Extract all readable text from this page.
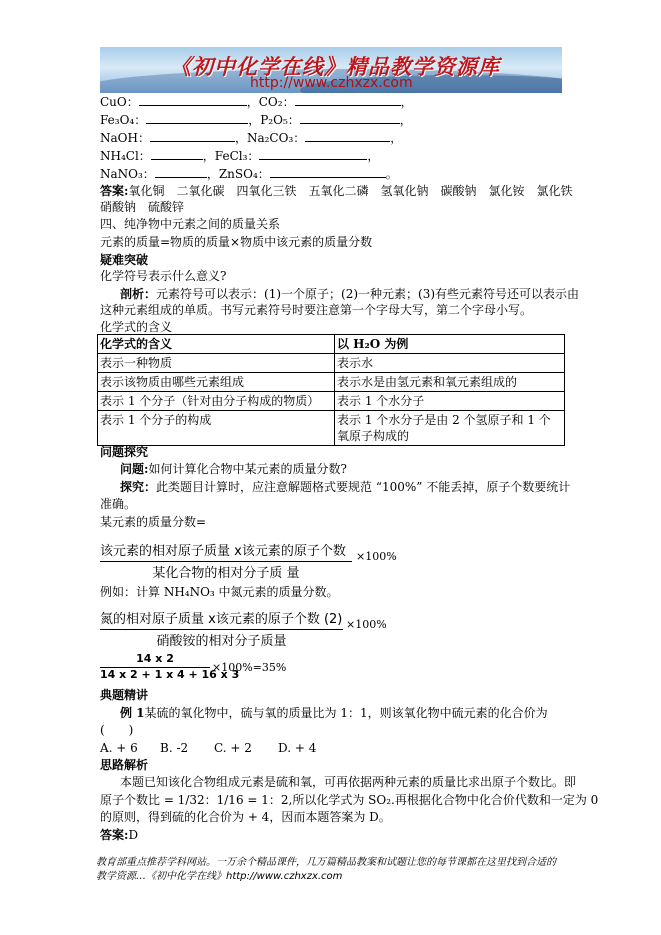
《初中化学在线》精品教学资源库
http://www.czhxzx.com
CuO：	，CO₂：	，
Fe₃O₄：	，P₂O₅：	，
NaOH：	，Na₂CO₃：	，
NH₄Cl：	，FeCl₃：	，
NaNO₃：	，ZnSO₄：	。
答案:氧化铜　二氧化碳　四氧化三铁　五氧化二磷　氢氧化钠　碳酸钠　氯化铵　氯化铁
硝酸钠　硫酸锌
四、纯净物中元素之间的质量关系
元素的质量=物质的质量×物质中该元素的质量分数
疑难突破
化学符号表示什么意义?
剖析：元素符号可以表示：(1)一个原子；(2)一种元素；(3)有些元素符号还可以表示由
这种元素组成的单质。书写元素符号时要注意第一个字母大写，第二个字母小写。
化学式的含义
化学式的含义	以 H₂O 为例
表示一种物质	表示水
表示该物质由哪些元素组成	表示水是由氢元素和氧元素组成的
表示 1 个分子（针对由分子构成的物质）	表示 1 个水分子
表示 1 个分子的构成	表示 1 个水分子是由 2 个氢原子和 1 个氧原子构成的
问题探究
问题:如何计算化合物中某元素的质量分数?
探究：此类题目计算时，应注意解题格式要规范 “100%” 不能丢掉，原子个数要统计
准确。
某元素的质量分数=
该元素的相对原子质量 x该元素的原子个数
某化合物的相对分子质 量
×100%
例如：计算 NH₄NO₃ 中氮元素的质量分数。
氮的相对原子质量 x该元素的原子个数 (2)
硝酸铵的相对分子质量
×100%
14 x 2
14 x 2 + 1 x 4 + 16 x 3
×100%=35%
典题精讲
例 1某硫的氧化物中，硫与氧的质量比为 1：1，则该氧化物中硫元素的化合价为
(　　)
A. + 6 B. -2 C. + 2 D. + 4
思路解析
本题已知该化合物组成元素是硫和氧，可再依据两种元素的质量比求出原子个数比。即
原子个数比 = 1/32：1/16 = 1：2,所以化学式为 SO₂.再根据化合物中化合价代数和一定为 0
的原则，得到硫的化合价为 + 4，因而本题答案为 D。
答案:D
教育部重点推荐学科网站。一万余个精品课件，几万篇精品教案和试题让您的每节课都在这里找到合适的
教学资源…《初中化学在线》http://www.czhxzx.com
